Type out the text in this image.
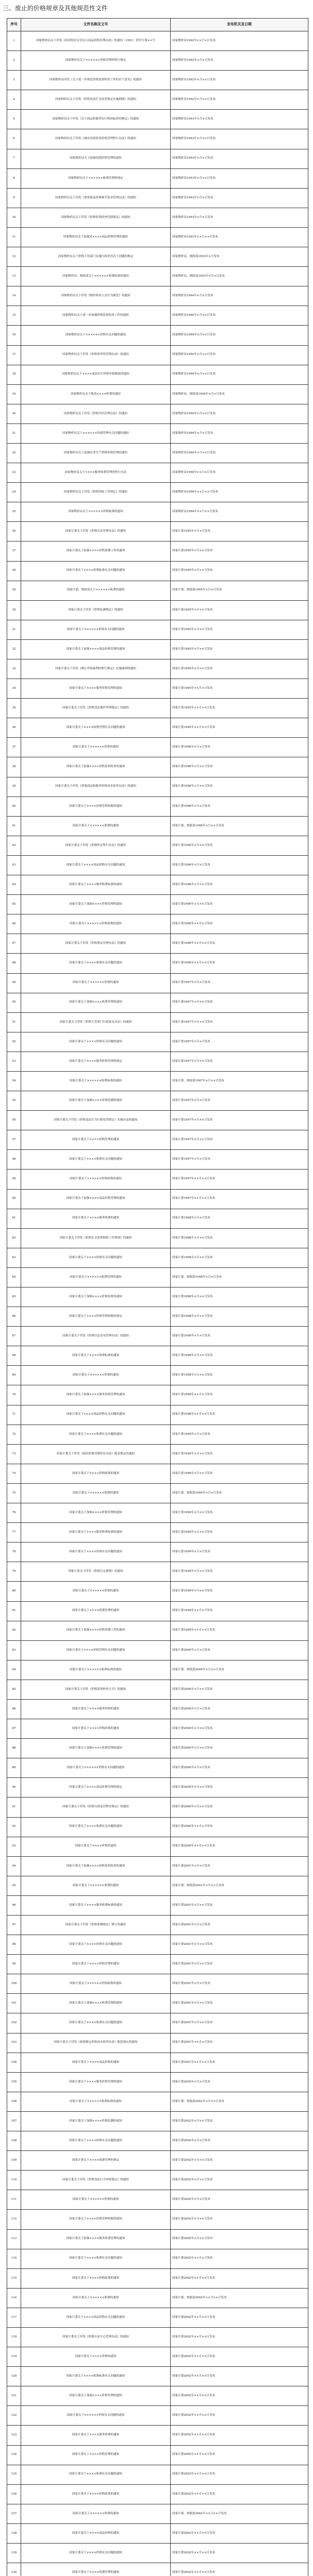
三、废止的价格规章及其他规范性文件
序号	文件名称及文号	发布机关及日期
1	国家物价局关于印发《经济特区自营出口商品价格管理办法》的通知（1991）价管字第××号	国家物价局1992年××月×日发布
2	国家物价局关于××××××价格管理的暂行规定	国家物价局1992年×月×日发布
3	国家物价局印发《关于进一步规范价格监督检查工作的若干意见》的通知	国家物价局1992年×月××日发布
4	国家物价局关于印发《价格违法行为处罚规定实施细则》的通知	国家物价局1992年×月××日发布
5	国家物价局关于印发《关于商品和服务实行明码标价的规定》的通知	国家物价局1993年×月×日发布
6	国家物价局关于印发《城市房屋租赁价格管理暂行办法》的通知	国家物价局1993年×月××日发布
7	国家物价局关于加强化肥价格管理的通知	国家物价局1993年×月×日发布
8	国家物价局关于××××××收费管理的规定	国家物价局1993年×月××日发布
9	国家物价局关于印发《重要商品价格调节基金管理办法》的通知	国家物价局1993年×月×日发布
10	国家物价局关于印发《价格监督检查管辖规定》的通知	国家物价局1993年×月×日发布
11	国家物价局关于加强对××××商品价格管理的通知	国家物价局1993年××月××日发布
12	国家物价局关于价格主管部门实施行政处罚若干问题的规定	国家物价局、财政部1993年×月发布
13	国家物价局、财政部关于××××××收费标准的通知	国家物价局、财政部1993年×月×日发布
14	国家物价局关于印发《物价检查人员行为规范》的通知	国家物价局1994年×月×日发布
15	国家物价局关于进一步加强价格监督检查工作的通知	国家物价局1994年×月××日发布
16	国家物价局关于××××××价格有关问题的通知	国家物价局1994年×月××日发布
17	国家物价局关于印发《价格事务所管理办法》的通知	国家物价局1994年×月××日发布
18	国家物价局关于××××商品实行价格申报制度的通知	国家物价局1994年×月××日发布
19	国家物价局关于规范××××收费的通知	国家物价局、财政部1994年×月×日发布
20	国家物价局关于印发《价格评估管理办法》的通知	国家物价局1994年×月××日发布
21	国家物价局关于××××××价格管理有关问题的通知	国家物价局1994年×月×日发布
22	国家物价局关于加强农业生产资料价格管理的通知	国家物价局1994年×月××日发布
23	国家物价局关于××××服务收费管理的暂行办法	国家物价局1994年××月×日发布
24	国家物价局关于印发《价格举报工作规定》的通知	国家物价局1994年××月××日发布
25	国家物价局关于××××××价格政策的通知	国家物价局1994年××月××日发布
26	国家计委关于印发《价格认证管理办法》的通知	国家计委1995年×月×日发布
27	国家计委关于加强××××价格监测工作的通知	国家计委1995年×月××日发布
28	国家计委关于××××收费标准有关问题的通知	国家计委1995年×月××日发布
29	国家计委、财政部关于××××××收费的通知	国家计委、财政部1995年×月×日发布
30	国家计委关于印发《价格监测规定》的通知	国家计委1995年×月××日发布
31	国家计委关于××××××价格有关问题的通知	国家计委1995年×月××日发布
32	国家计委关于加强××××商品价格管理的通知	国家计委1995年×月××日发布
33	国家计委关于印发《制止牟取暴利的暂行规定》实施细则的通知	国家计委1995年×月××日发布
34	国家计委关于××××服务价格管理的通知	国家计委1995年××月×日发布
35	国家计委关于印发《价格违法案件审理规定》的通知	国家计委1995年××月××日发布
36	国家计委关于××××收费管理有关问题的通知	国家计委1995年××月××日发布
37	国家计委关于××××××价格的通知	国家计委1996年×月×日发布
38	国家计委关于加强××××价格监督检查的通知	国家计委1996年×月××日发布
39	国家计委关于印发《重要商品和服务价格成本监审办法》的通知	国家计委1996年×月××日发布
40	国家计委关于××××价格管理权限的通知	国家计委1996年×月×日发布
41	国家计委关于××××××收费的通知	国家计委、财政部1996年×月××日发布
42	国家计委关于印发《价格听证暂行办法》的通知	国家计委1996年×月××日发布
43	国家计委关于××××商品价格有关问题的通知	国家计委1996年×月×日发布
44	国家计委关于××××服务收费标准的通知	国家计委1996年×月××日发布
45	国家计委关于加强××××价格管理的通知	国家计委1996年×月××日发布
46	国家计委关于××××××价格政策的通知	国家计委1996年××月×日发布
47	国家计委关于印发《价格鉴证管理办法》的通知	国家计委1996年××月××日发布
48	国家计委关于××××收费有关问题的通知	国家计委1996年××月××日发布
49	国家计委关于××××××价格的通知	国家计委1997年×月×日发布
50	国家计委关于加强××××收费管理的通知	国家计委1997年×月××日发布
51	国家计委关于印发《价格主管部门行政复议办法》的通知	国家计委1997年×月××日发布
52	国家计委关于××××价格有关问题的通知	国家计委1997年×月×日发布
53	国家计委关于××××服务价格管理的规定	国家计委1997年×月××日发布
54	国家计委关于××××××收费标准的通知	国家计委、财政部1997年×月××日发布
55	国家计委关于加强××××价格监测的通知	国家计委1997年×月×日发布
56	国家计委关于印发《价格违法行为行政处罚规定》实施办法的通知	国家计委1997年×月××日发布
57	国家计委关于××××价格管理的通知	国家计委1997年×月××日发布
58	国家计委关于××××收费有关问题的通知	国家计委1997年×月×日发布
59	国家计委关于××××××价格政策的通知	国家计委1997年××月××日发布
60	国家计委关于加强××××商品价格管理的通知	国家计委1997年××月××日发布
61	国家计委关于××××服务收费的通知	国家计委1998年×月×日发布
62	国家计委关于印发《价格社会监督网络工作规则》的通知	国家计委1998年×月××日发布
63	国家计委关于××××价格有关问题的通知	国家计委1998年×月××日发布
64	国家计委关于××××××收费管理的通知	国家计委、财政部1998年×月×日发布
65	国家计委关于加强××××价格监督的通知	国家计委1998年×月××日发布
66	国家计委关于××××价格管理权限的规定	国家计委1998年×月××日发布
67	国家计委关于印发《价格信息发布管理办法》的通知	国家计委1998年×月×日发布
68	国家计委关于××××收费标准的通知	国家计委1998年×月××日发布
69	国家计委关于××××××价格的通知	国家计委1998年×月××日发布
70	国家计委关于加强××××服务价格管理的通知	国家计委1998年××月×日发布
71	国家计委关于××××商品价格有关问题的通知	国家计委1998年××月××日发布
72	国家计委关于××××收费有关问题的通知	国家计委1999年×月×日发布
73	国家计委关于印发《政府价格决策听证办法》配套规定的通知	国家计委1999年×月××日发布
74	国家计委关于××××价格政策的通知	国家计委1999年×月××日发布
75	国家计委关于××××××收费的通知	国家计委、财政部1999年×月×日发布
76	国家计委关于加强××××价格管理的通知	国家计委1999年×月××日发布
77	国家计委关于××××服务收费标准的通知	国家计委1999年×月××日发布
78	国家计委关于××××价格有关问题的通知	国家计委1999年×月×日发布
79	国家计委关于印发《价格认定规则》的通知	国家计委1999年×月××日发布
80	国家计委关于××××××价格的通知	国家计委1999年×月××日发布
81	国家计委关于××××收费管理的通知	国家计委1999年××月×日发布
82	国家计委关于加强××××价格监测工作的通知	国家计委1999年××月××日发布
83	国家计委关于××××价格管理有关问题的通知	国家计委2000年×月×日发布
84	国家计委关于××××××收费标准的通知	国家计委、财政部2000年×月××日发布
85	国家计委关于印发《价格监督检查文书》的通知	国家计委2000年×月××日发布
86	国家计委关于××××服务价格的通知	国家计委2000年×月×日发布
87	国家计委关于××××价格政策的通知	国家计委2000年×月××日发布
88	国家计委关于加强××××收费管理的通知	国家计委2000年×月××日发布
89	国家计委关于××××××价格有关问题的通知	国家计委2000年×月×日发布
90	国家计委关于××××商品价格管理的规定	国家计委2000年×月××日发布
91	国家计委关于印发《价格行政处罚程序规定》的通知	国家计委2000年×月××日发布
92	国家计委关于××××收费有关问题的通知	国家计委2000年××月×日发布
93	国家计委关于××××价格的通知	国家计委2000年××月××日发布
94	国家计委关于加强××××价格监督检查的通知	国家计委2001年×月×日发布
95	国家计委关于××××××收费的通知	国家计委、财政部2001年×月××日发布
96	国家计委关于××××服务收费标准的通知	国家计委2001年×月××日发布
97	国家计委关于印发《价格监测规定》修订的通知	国家计委2001年×月×日发布
98	国家计委关于××××价格有关问题的通知	国家计委2001年×月××日发布
99	国家计委关于××××价格管理的通知	国家计委2001年×月××日发布
100	国家计委关于××××××价格政策的通知	国家计委2001年×月×日发布
101	国家计委关于加强××××收费管理的通知	国家计委2001年×月××日发布
102	国家计委关于××××收费有关问题的通知	国家计委2001年×月××日发布
103	国家计委关于印发《政府制定价格成本监审办法》配套规定的通知	国家计委2001年××月×日发布
104	国家计委关于××××商品价格的通知	国家计委2001年××月××日发布
105	国家计委关于××××服务价格管理的通知	国家计委2002年×月×日发布
106	国家计委关于××××××收费标准的通知	国家计委、财政部2002年×月××日发布
107	国家计委关于加强××××价格监测的通知	国家计委2002年×月××日发布
108	国家计委关于××××价格有关问题的通知	国家计委2002年×月×日发布
109	国家计委关于××××收费管理的规定	国家计委2002年×月××日发布
110	国家计委关于印发《价格违法行为举报规定》的通知	国家计委2002年×月××日发布
111	国家计委关于××××××价格的通知	国家计委2002年×月×日发布
112	国家计委关于××××价格管理权限的通知	国家计委2002年×月××日发布
113	国家计委关于加强××××服务收费管理的通知	国家计委2002年×月××日发布
114	国家计委关于××××收费有关问题的通知	国家计委2002年××月×日发布
115	国家计委关于××××价格政策的通知	国家计委2002年××月××日发布
116	国家计委关于××××××收费的通知	国家计委、财政部2002年××月××日发布
117	国家计委关于××××商品价格有关问题的通知	国家计委2002年××月××日发布
118	国家计委关于印发《价格认证中心管理办法》的通知	国家计委2002年××月××日发布
119	国家计委关于××××价格的通知	国家计委2002年××月××日发布
120	国家计委关于××××收费标准有关问题的通知	国家计委2002年××月××日发布
121	国家计委关于加强××××价格管理的通知	国家计委2002年××月××日发布
122	国家计委关于××××××价格有关问题的通知	国家计委2002年××月××日发布
123	国家计委关于××××服务收费的通知	国家计委2002年××月××日发布
124	国家计委关于××××价格管理的通知	国家计委2002年××月××日发布
125	国家计委关于××××收费有关问题的通知	国家计委2002年××月××日发布
126	国家计委关于××××价格政策的通知	国家计委2002年××月××日发布
127	国家计委关于××××××收费的通知	国家计委、财政部2002年××月××日发布
128	国家计委关于××××商品价格的通知	国家计委2002年××月××日发布
129	国家计委关于××××价格有关问题的通知	国家计委2002年××月××日发布
130	国家计委关于××××收费管理的通知	国家计委2002年××月××日发布
